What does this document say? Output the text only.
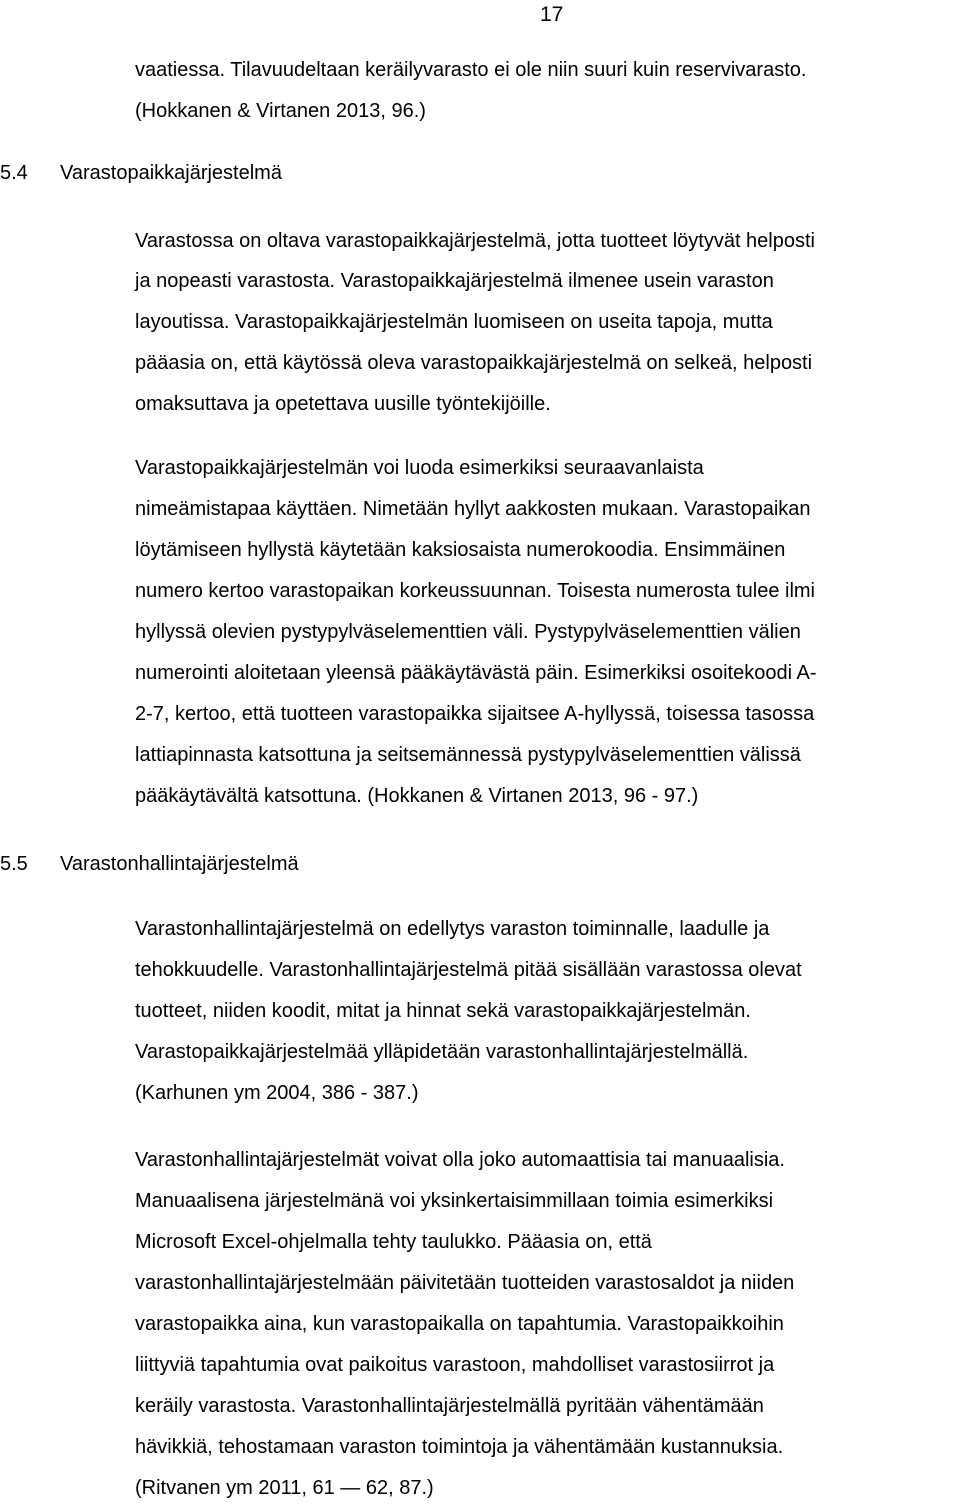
17
vaatiessa. Tilavuudeltaan keräilyvarasto ei ole niin suuri kuin reservivarasto.
(Hokkanen & Virtanen 2013, 96.)
5.4 Varastopaikkajärjestelmä
Varastossa on oltava varastopaikkajärjestelmä, jotta tuotteet löytyvät helposti
ja nopeasti varastosta. Varastopaikkajärjestelmä ilmenee usein varaston
layoutissa. Varastopaikkajärjestelmän luomiseen on useita tapoja, mutta
pääasia on, että käytössä oleva varastopaikkajärjestelmä on selkeä, helposti
omaksuttava ja opetettava uusille työntekijöille.
Varastopaikkajärjestelmän voi luoda esimerkiksi seuraavanlaista
nimeämistapaa käyttäen. Nimetään hyllyt aakkosten mukaan. Varastopaikan
löytämiseen hyllystä käytetään kaksiosaista numerokoodia. Ensimmäinen
numero kertoo varastopaikan korkeussuunnan. Toisesta numerosta tulee ilmi
hyllyssä olevien pystypylväselementtien väli. Pystypylväselementtien välien
numerointi aloitetaan yleensä pääkäytävästä päin. Esimerkiksi osoitekoodi A-
2-7, kertoo, että tuotteen varastopaikka sijaitsee A-hyllyssä, toisessa tasossa
lattiapinnasta katsottuna ja seitsemännessä pystypylväselementtien välissä
pääkäytävältä katsottuna. (Hokkanen & Virtanen 2013, 96 - 97.)
5.5 Varastonhallintajärjestelmä
Varastonhallintajärjestelmä on edellytys varaston toiminnalle, laadulle ja
tehokkuudelle. Varastonhallintajärjestelmä pitää sisällään varastossa olevat
tuotteet, niiden koodit, mitat ja hinnat sekä varastopaikkajärjestelmän.
Varastopaikkajärjestelmää ylläpidetään varastonhallintajärjestelmällä.
(Karhunen ym 2004, 386 - 387.)
Varastonhallintajärjestelmät voivat olla joko automaattisia tai manuaalisia.
Manuaalisena järjestelmänä voi yksinkertaisimmillaan toimia esimerkiksi
Microsoft Excel-ohjelmalla tehty taulukko. Pääasia on, että
varastonhallintajärjestelmään päivitetään tuotteiden varastosaldot ja niiden
varastopaikka aina, kun varastopaikalla on tapahtumia. Varastopaikkoihin
liittyviä tapahtumia ovat paikoitus varastoon, mahdolliset varastosiirrot ja
keräily varastosta. Varastonhallintajärjestelmällä pyritään vähentämään
hävikkiä, tehostamaan varaston toimintoja ja vähentämään kustannuksia.
(Ritvanen ym 2011, 61 — 62, 87.)
